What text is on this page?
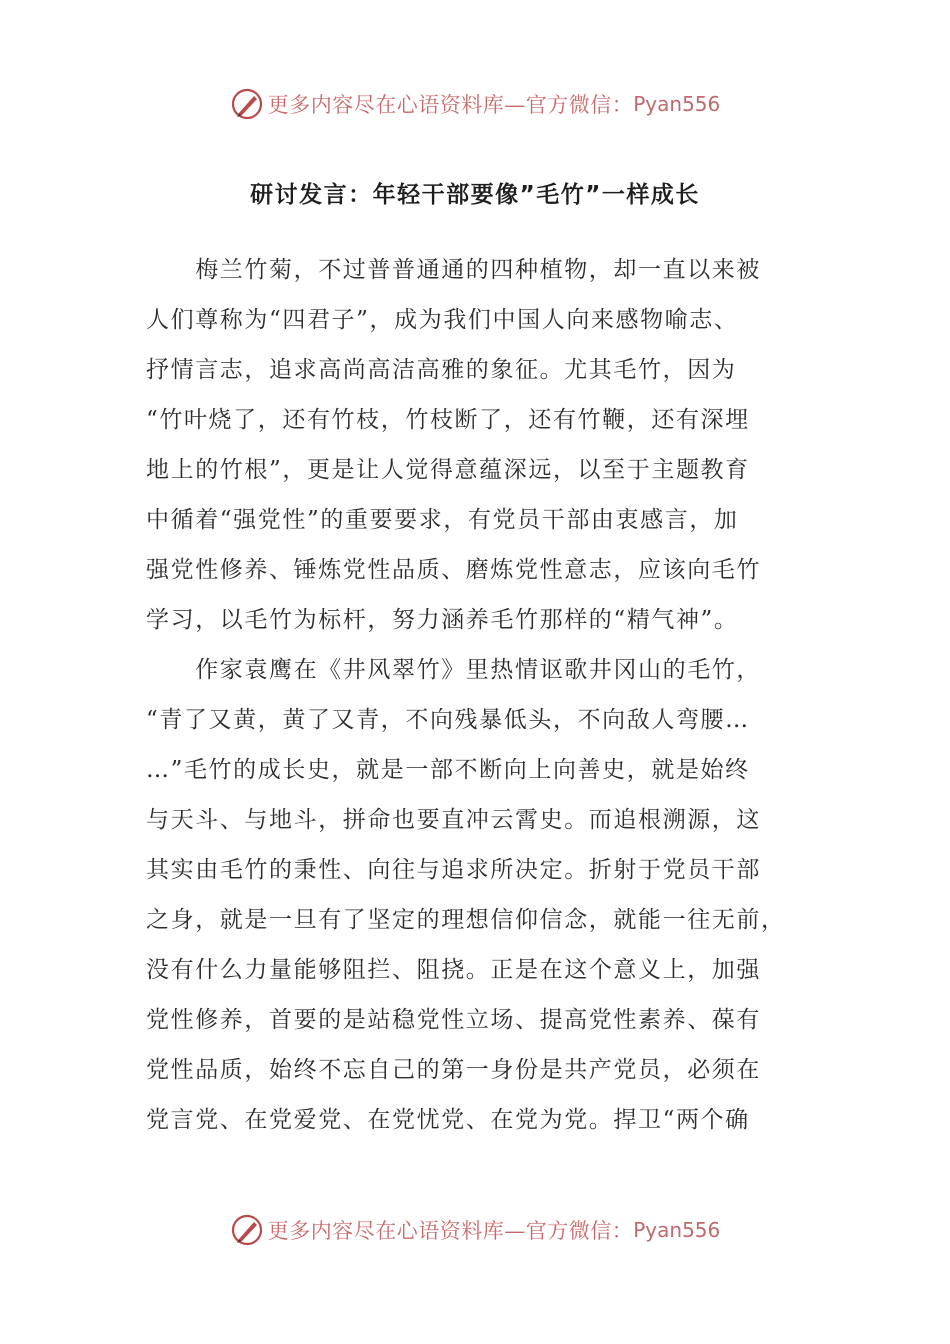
更多内容尽在心语资料库—官方微信： Pyan556
研讨发言：年轻干部要像”毛竹”一样成长
　　梅兰竹菊，不过普普通通的四种植物，却一直以来被
人们尊称为“四君子”，成为我们中国人向来感物喻志、
抒情言志，追求高尚高洁高雅的象征。尤其毛竹，因为
“竹叶烧了，还有竹枝，竹枝断了，还有竹鞭，还有深埋
地上的竹根”，更是让人觉得意蕴深远，以至于主题教育
中循着“强党性”的重要要求，有党员干部由衷感言，加
强党性修养、锤炼党性品质、磨炼党性意志，应该向毛竹
学习，以毛竹为标杆，努力涵养毛竹那样的“精气神”。
　　作家袁鹰在《井风翠竹》里热情讴歌井冈山的毛竹，
“青了又黄，黄了又青，不向残暴低头，不向敌人弯腰…
…”毛竹的成长史，就是一部不断向上向善史，就是始终
与天斗、与地斗，拼命也要直冲云霄史。而追根溯源，这
其实由毛竹的秉性、向往与追求所决定。折射于党员干部
之身，就是一旦有了坚定的理想信仰信念，就能一往无前，
没有什么力量能够阻拦、阻挠。正是在这个意义上，加强
党性修养，首要的是站稳党性立场、提高党性素养、葆有
党性品质，始终不忘自己的第一身份是共产党员，必须在
党言党、在党爱党、在党忧党、在党为党。捍卫“两个确
更多内容尽在心语资料库—官方微信： Pyan556
